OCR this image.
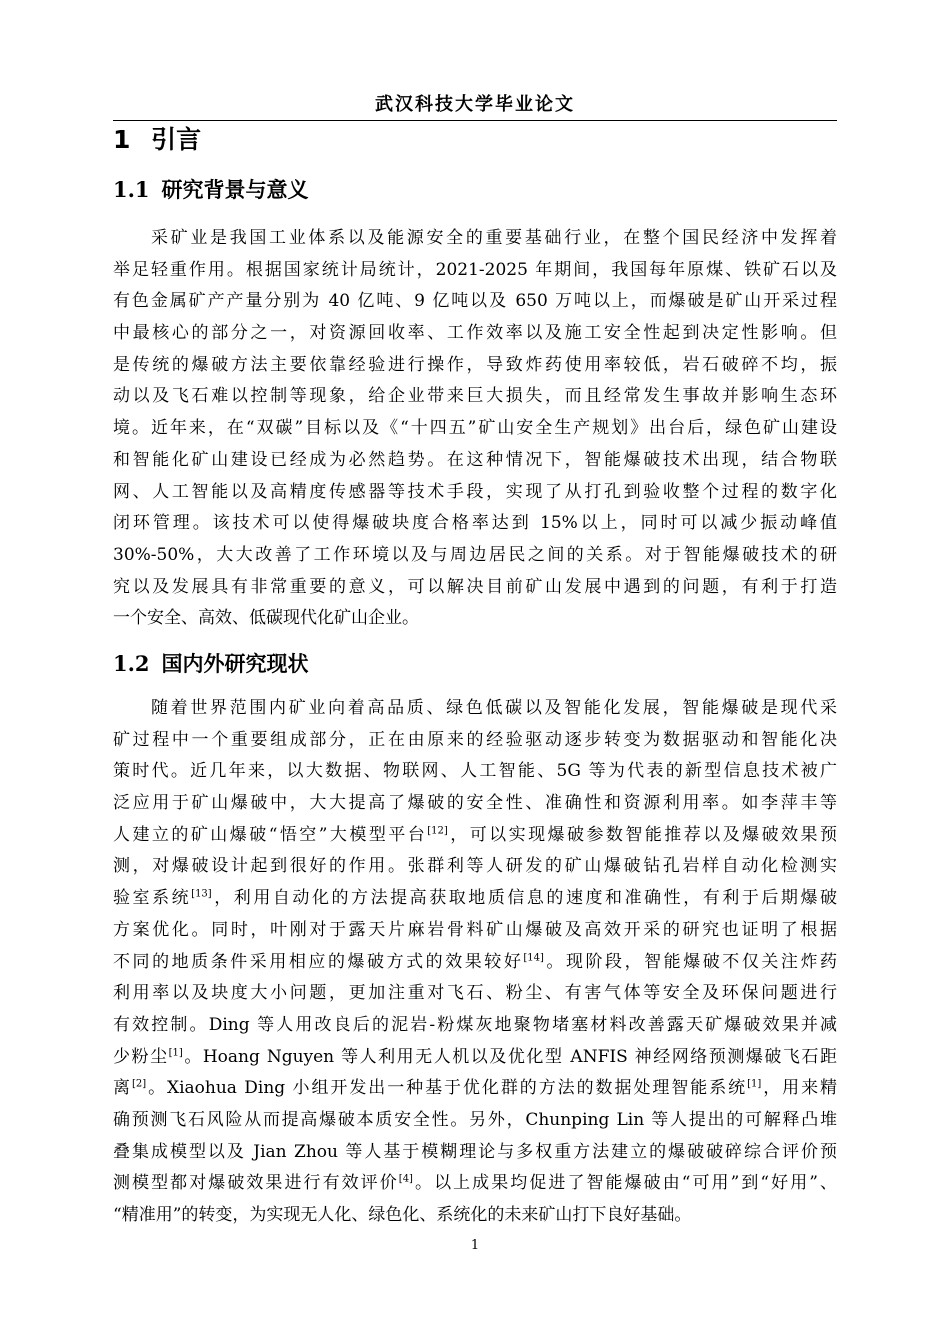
武汉科技大学毕业论文
1 引言
1.1 研究背景与意义
采矿业是我国工业体系以及能源安全的重要基础行业，在整个国民经济中发挥着
举足轻重作用。根据国家统计局统计，2021-2025 年期间，我国每年原煤、铁矿石以及
有色金属矿产产量分别为 40 亿吨、9 亿吨以及 650 万吨以上，而爆破是矿山开采过程
中最核心的部分之一，对资源回收率、工作效率以及施工安全性起到决定性影响。但
是传统的爆破方法主要依靠经验进行操作，导致炸药使用率较低，岩石破碎不均，振
动以及飞石难以控制等现象，给企业带来巨大损失，而且经常发生事故并影响生态环
境。近年来，在“双碳”目标以及《“十四五”矿山安全生产规划》出台后，绿色矿山建设
和智能化矿山建设已经成为必然趋势。在这种情况下，智能爆破技术出现，结合物联
网、人工智能以及高精度传感器等技术手段，实现了从打孔到验收整个过程的数字化
闭环管理。该技术可以使得爆破块度合格率达到 15%以上，同时可以减少振动峰值
30%-50%，大大改善了工作环境以及与周边居民之间的关系。对于智能爆破技术的研
究以及发展具有非常重要的意义，可以解决目前矿山发展中遇到的问题，有利于打造
一个安全、高效、低碳现代化矿山企业。
1.2 国内外研究现状
随着世界范围内矿业向着高品质、绿色低碳以及智能化发展，智能爆破是现代采
矿过程中一个重要组成部分，正在由原来的经验驱动逐步转变为数据驱动和智能化决
策时代。近几年来，以大数据、物联网、人工智能、5G 等为代表的新型信息技术被广
泛应用于矿山爆破中，大大提高了爆破的安全性、准确性和资源利用率。如李萍丰等
人建立的矿山爆破“悟空”大模型平台[12]，可以实现爆破参数智能推荐以及爆破效果预
测，对爆破设计起到很好的作用。张群利等人研发的矿山爆破钻孔岩样自动化检测实
验室系统[13]，利用自动化的方法提高获取地质信息的速度和准确性，有利于后期爆破
方案优化。同时，叶刚对于露天片麻岩骨料矿山爆破及高效开采的研究也证明了根据
不同的地质条件采用相应的爆破方式的效果较好[14]。现阶段，智能爆破不仅关注炸药
利用率以及块度大小问题，更加注重对飞石、粉尘、有害气体等安全及环保问题进行
有效控制。Ding 等人用改良后的泥岩-粉煤灰地聚物堵塞材料改善露天矿爆破效果并减
少粉尘[1]。Hoang Nguyen 等人利用无人机以及优化型 ANFIS 神经网络预测爆破飞石距
离[2]。Xiaohua Ding 小组开发出一种基于优化群的方法的数据处理智能系统[1]，用来精
确预测飞石风险从而提高爆破本质安全性。另外，Chunping Lin 等人提出的可解释凸堆
叠集成模型以及 Jian Zhou 等人基于模糊理论与多权重方法建立的爆破破碎综合评价预
测模型都对爆破效果进行有效评价[4]。以上成果均促进了智能爆破由“可用”到“好用”、
“精准用”的转变，为实现无人化、绿色化、系统化的未来矿山打下良好基础。
1
